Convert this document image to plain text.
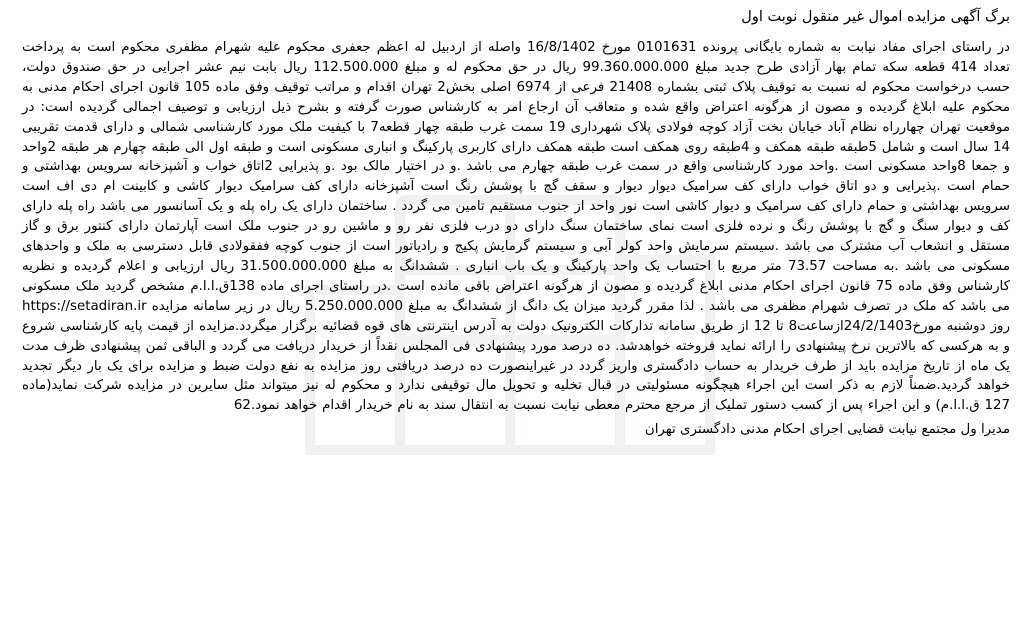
برگ آگهی مزایده اموال غیر منقول نوبت اول

در راستای اجرای مفاد نیابت به شماره بایگانی پرونده 0101631 مورخ 16/8/1402 واصله از اردبیل له اعظم جعفری محکوم علیه شهرام مظفری محکوم است به پرداخت تعداد 414 قطعه سکه تمام بهار آزادی طرح جدید مبلغ 99.360.000.000 ریال در حق محکوم له و مبلغ 112.500.000 ریال بابت نیم عشر اجرایی در حق صندوق دولت، حسب درخواست محکوم له نسبت به توقیف پلاک ثبتی بشماره 21408 فرعی از 6974 اصلی بخش2 تهران اقدام و مراتب توقیف وفق ماده 105 قانون اجرای احکام مدنی به محکوم علیه ابلاغ گردیده و مصون از هرگونه اعتراض واقع شده و متعاقب آن ارجاع امر به کارشناس صورت گرفته و بشرح ذیل ارزیابی و توصیف اجمالی گردیده است: در موقعیت تهران چهارراه نظام آباد خیابان بخت آزاد کوچه فولادی پلاک شهرداری 19 سمت غرب طبقه چهار قطعه7 با کیفیت ملک مورد کارشناسی شمالی و دارای قدمت تقریبی 14 سال است و شامل 5طبقه طبقه همکف و 4طبقه روی همکف است طبقه همکف دارای کاربری پارکینگ و انباری مسکونی است و طبقه اول الی طبقه چهارم هر طبقه 2واحد و جمعا 8واحد مسکونی است .واحد مورد کارشناسی واقع در سمت غرب طبقه چهارم می باشد .و در اختیار مالک بود .و پذیرایی 2اتاق خواب و آشپزخانه سرویس بهداشتی و حمام است .پذیرایی و دو اتاق خواب دارای کف سرامیک دیوار دیوار و سقف گچ با پوشش رنگ است آشپزخانه دارای کف سرامیک دیوار کاشی و کابینت ام دی اف است سرویس بهداشتی و حمام دارای کف سرامیک و دیوار کاشی است نور واحد از جنوب مستقیم تامین می گردد . ساختمان دارای یک راه پله و یک آسانسور می باشد راه پله دارای کف و دیوار سنگ و گچ با پوشش رنگ و نرده فلزی است نمای ساختمان سنگ دارای دو درب فلزی نفر رو و ماشین رو در جنوب ملک است آپارتمان دارای کنتور برق و گاز مستقل و انشعاب آب مشترک می باشد .سیستم سرمایش واحد کولر آبی و سیستم گرمایش پکیج و رادیاتور است از جنوب کوچه ففقولادی قابل دسترسی به ملک و واحدهای مسکونی می باشد .به مساحت 73.57 متر مربع با احتساب یک واحد پارکینگ و یک باب انباری . ششدانگ به مبلغ 31.500.000.000 ریال ارزیابی و اعلام گردیده و نظریه کارشناس وفق ماده 75 قانون اجرای احکام مدنی ابلاغ گردیده و مصون از هرگونه اعتراض باقی مانده است .در راستای اجرای ماده 138ق.ا.ا.م مشخص گردید ملک مسکونی می باشد که ملک در تصرف شهرام مظفری می باشد . لذا مقرر گردید میزان یک دانگ از ششدانگ به مبلغ 5.250.000.000 ریال در زیر سامانه مزایده https://setadiran.ir روز دوشنبه مورخ24/2/1403ازساعت8 تا 12 از طریق سامانه تدارکات الکترونیک دولت به آدرس اینترنتی های قوه قضائیه برگزار میگردد.مزایده از قیمت پایه کارشناسی شروع و به هرکسی که بالاترین نرخ پیشنهادی را ارائه نماید فروخته خواهدشد. ده درصد مورد پیشنهادی فی المجلس نقداً از خریدار دریافت می گردد و الباقی ثمن پیشنهادی ظرف مدت یک ماه از تاریخ مزایده باید از طرف خریدار به حساب دادگستری واریز گردد در غیراینصورت ده درصد دریافتی روز مزایده به نفع دولت ضبط و مزایده برای یک بار دیگر تجدید خواهد گردید.ضمناً لازم به ذکر است این اجراء هیچگونه مسئولیتی در قبال تخلیه و تحویل مال توقیفی ندارد و محکوم له نیز میتواند مثل سایرین در مزایده شرکت نماید(ماده 127 ق.ا.ا.م) و این اجراء پس از کسب دستور تملیک از مرجع محترم معطی نیابت نسبت به انتقال سند به نام خریدار اقدام خواهد نمود.62

مدیرا ول مجتمع نیابت قضایی اجرای احکام مدنی دادگستری تهران
